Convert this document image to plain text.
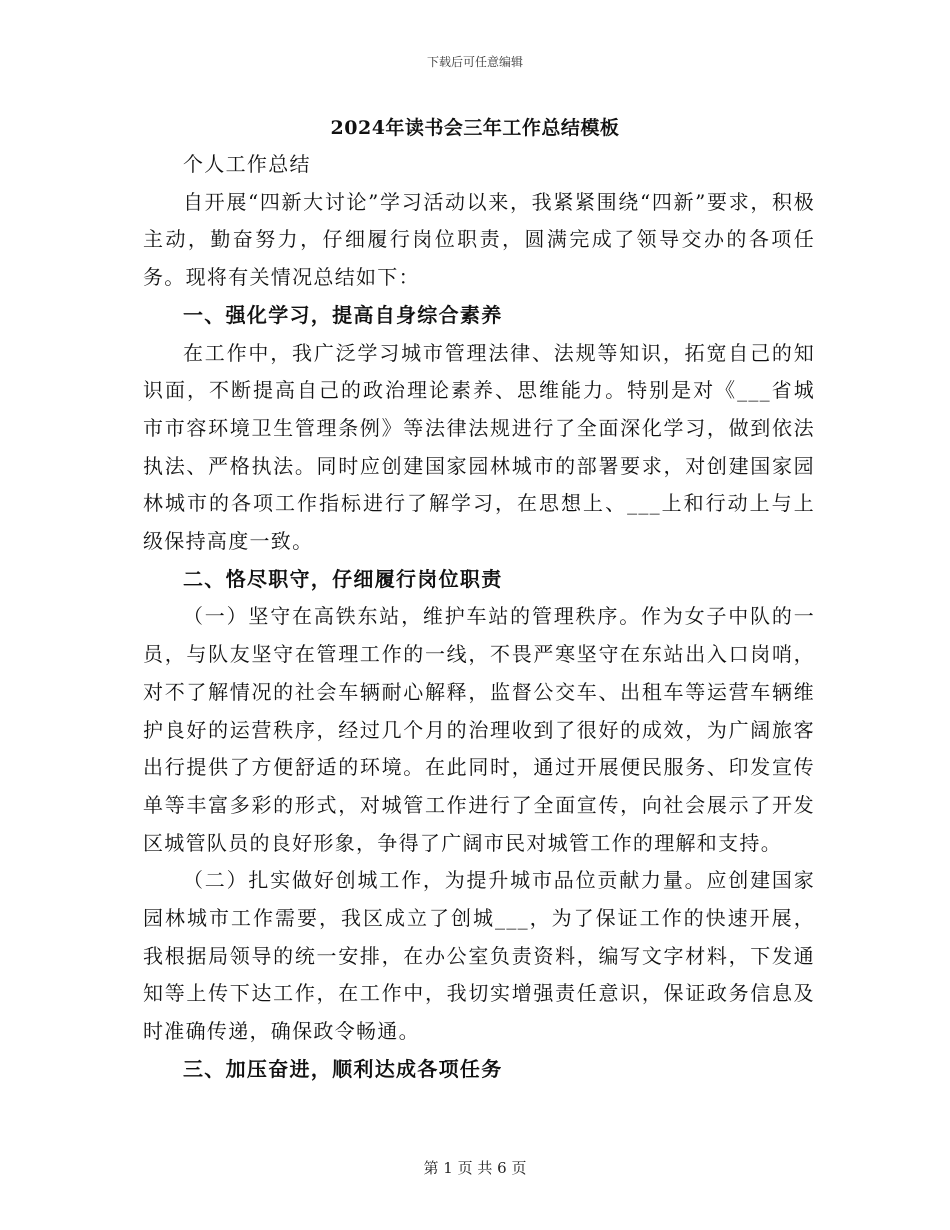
下载后可任意编辑
2024年读书会三年工作总结模板

个人工作总结

自开展“四新大讨论”学习活动以来，我紧紧围绕“四新”要求，积极主动，勤奋努力，仔细履行岗位职责，圆满完成了领导交办的各项任务。现将有关情况总结如下：

一、强化学习，提高自身综合素养

在工作中，我广泛学习城市管理法律、法规等知识，拓宽自己的知识面，不断提高自己的政治理论素养、思维能力。特别是对《___省城市市容环境卫生管理条例》等法律法规进行了全面深化学习，做到依法执法、严格执法。同时应创建国家园林城市的部署要求，对创建国家园林城市的各项工作指标进行了解学习，在思想上、___上和行动上与上级保持高度一致。

二、恪尽职守，仔细履行岗位职责

（一）坚守在高铁东站，维护车站的管理秩序。作为女子中队的一员，与队友坚守在管理工作的一线，不畏严寒坚守在东站出入口岗哨，对不了解情况的社会车辆耐心解释，监督公交车、出租车等运营车辆维护良好的运营秩序，经过几个月的治理收到了很好的成效，为广阔旅客出行提供了方便舒适的环境。在此同时，通过开展便民服务、印发宣传单等丰富多彩的形式，对城管工作进行了全面宣传，向社会展示了开发区城管队员的良好形象，争得了广阔市民对城管工作的理解和支持。

（二）扎实做好创城工作，为提升城市品位贡献力量。应创建国家园林城市工作需要，我区成立了创城___，为了保证工作的快速开展，我根据局领导的统一安排，在办公室负责资料，编写文字材料，下发通知等上传下达工作，在工作中，我切实增强责任意识，保证政务信息及时准确传递，确保政令畅通。

三、加压奋进，顺利达成各项任务

第 1 页 共 6 页
